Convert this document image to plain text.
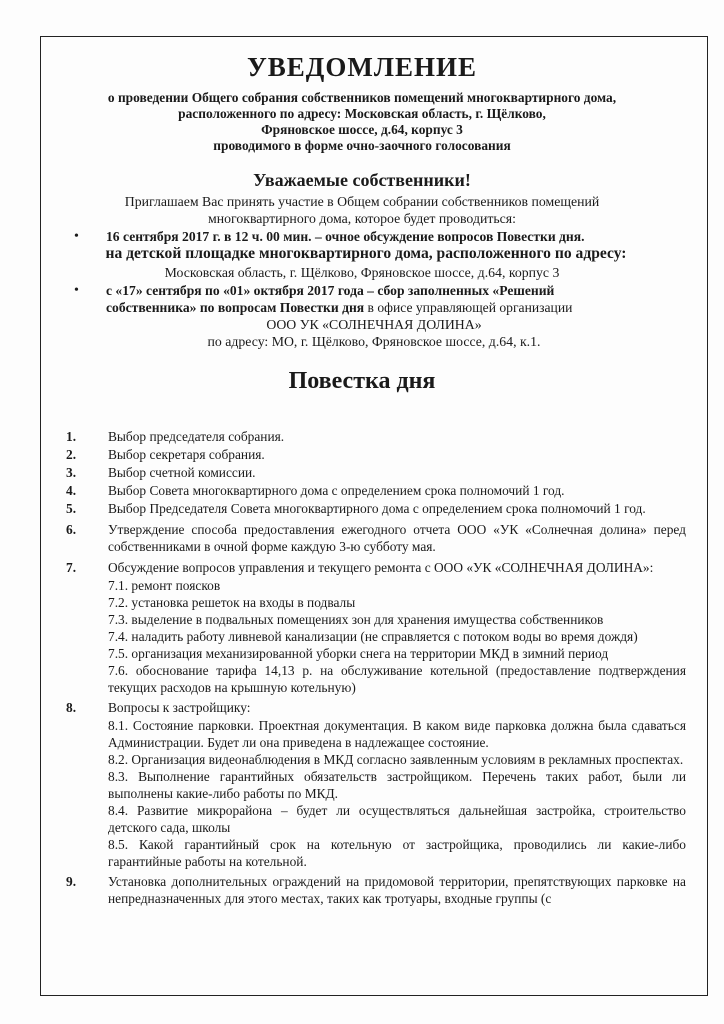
УВЕДОМЛЕНИЕ
о проведении Общего собрания собственников помещений многоквартирного дома,
расположенного по адресу: Московская область, г. Щёлково,
Фряновское шоссе, д.64, корпус 3
проводимого в форме очно-заочного голосования
Уважаемые собственники!
Приглашаем Вас принять участие в Общем собрании собственников помещений
многоквартирного дома, которое будет проводиться:
• 16 сентября 2017 г. в 12 ч. 00 мин. – очное обсуждение вопросов Повестки дня.
на детской площадке многоквартирного дома, расположенного по адресу:
Московская область, г. Щёлково, Фряновское шоссе, д.64, корпус 3
• с «17» сентября по «01» октября 2017 года – сбор заполненных «Решений
собственника» по вопросам Повестки дня в офисе управляющей организации
ООО УК «СОЛНЕЧНАЯ ДОЛИНА»
по адресу: МО, г. Щёлково, Фряновское шоссе, д.64, к.1.
Повестка дня
1. Выбор председателя собрания.
2. Выбор секретаря собрания.
3. Выбор счетной комиссии.
4. Выбор Совета многоквартирного дома с определением срока полномочий 1 год.
5. Выбор Председателя Совета многоквартирного дома с определением срока полномочий 1 год.
6. Утверждение способа предоставления ежегодного отчета ООО «УК «Солнечная долина» перед собственниками в очной форме каждую 3-ю субботу мая.
7. Обсуждение вопросов управления и текущего ремонта с ООО «УК «СОЛНЕЧНАЯ ДОЛИНА»:
7.1. ремонт поясков
7.2. установка решеток на входы в подвалы
7.3. выделение в подвальных помещениях зон для хранения имущества собственников
7.4. наладить работу ливневой канализации (не справляется с потоком воды во время дождя)
7.5. организация механизированной уборки снега на территории МКД в зимний период
7.6. обоснование тарифа 14,13 р. на обслуживание котельной (предоставление подтверждения текущих расходов на крышную котельную)
8. Вопросы к застройщику:
8.1. Состояние парковки. Проектная документация. В каком виде парковка должна была сдаваться Администрации. Будет ли она приведена в надлежащее состояние.
8.2. Организация видеонаблюдения в МКД согласно заявленным условиям в рекламных проспектах.
8.3. Выполнение гарантийных обязательств застройщиком. Перечень таких работ, были ли выполнены какие-либо работы по МКД.
8.4. Развитие микрорайона – будет ли осуществляться дальнейшая застройка, строительство детского сада, школы
8.5. Какой гарантийный срок на котельную от застройщика, проводились ли какие-либо гарантийные работы на котельной.
9. Установка дополнительных ограждений на придомовой территории, препятствующих парковке на непредназначенных для этого местах, таких как тротуары, входные группы (с
